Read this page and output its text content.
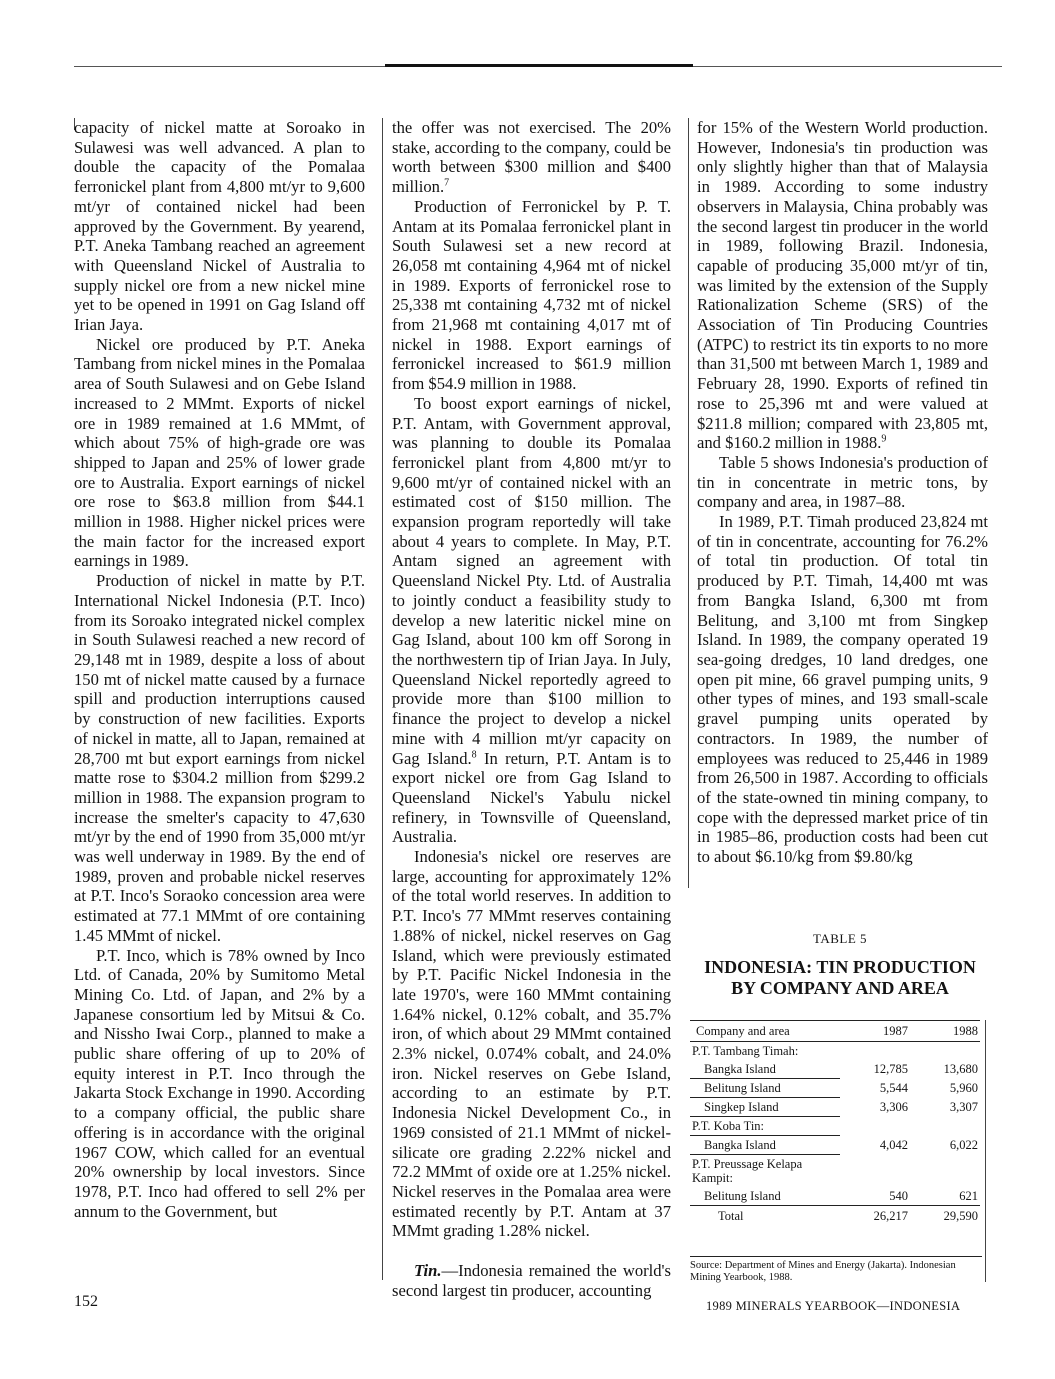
capacity of nickel matte at Soroako in Sulawesi was well advanced. A plan to double the capacity of the Pomalaa ferronickel plant from 4,800 mt/yr to 9,600 mt/yr of contained nickel had been approved by the Government. By yearend, P.T. Aneka Tambang reached an agreement with Queensland Nickel of Australia to supply nickel ore from a new nickel mine yet to be opened in 1991 on Gag Island off Irian Jaya.

Nickel ore produced by P.T. Aneka Tambang from nickel mines in the Pomalaa area of South Sulawesi and on Gebe Island increased to 2 MMmt. Exports of nickel ore in 1989 remained at 1.6 MMmt, of which about 75% of high-grade ore was shipped to Japan and 25% of lower grade ore to Australia. Export earnings of nickel ore rose to $63.8 million from $44.1 million in 1988. Higher nickel prices were the main factor for the increased export earnings in 1989.

Production of nickel in matte by P.T. International Nickel Indonesia (P.T. Inco) from its Soroako integrated nickel complex in South Sulawesi reached a new record of 29,148 mt in 1989, despite a loss of about 150 mt of nickel matte caused by a furnace spill and production interruptions caused by construction of new facilities. Exports of nickel in matte, all to Japan, remained at 28,700 mt but export earnings from nickel matte rose to $304.2 million from $299.2 million in 1988. The expansion program to increase the smelter's capacity to 47,630 mt/yr by the end of 1990 from 35,000 mt/yr was well underway in 1989. By the end of 1989, proven and probable nickel reserves at P.T. Inco's Soraoko concession area were estimated at 77.1 MMmt of ore containing 1.45 MMmt of nickel.

P.T. Inco, which is 78% owned by Inco Ltd. of Canada, 20% by Sumitomo Metal Mining Co. Ltd. of Japan, and 2% by a Japanese consortium led by Mitsui & Co. and Nissho Iwai Corp., planned to make a public share offering of up to 20% of equity interest in P.T. Inco through the Jakarta Stock Exchange in 1990. According to a company official, the public share offering is in accordance with the original 1967 COW, which called for an eventual 20% ownership by local investors. Since 1978, P.T. Inco had offered to sell 2% per annum to the Government, but

the offer was not exercised. The 20% stake, according to the company, could be worth between $300 million and $400 million.$^7$

Production of Ferronickel by P. T. Antam at its Pomalaa ferronickel plant in South Sulawesi set a new record at 26,058 mt containing 4,964 mt of nickel in 1989. Exports of ferronickel rose to 25,338 mt containing 4,732 mt of nickel from 21,968 mt containing 4,017 mt of nickel in 1988. Export earnings of ferronickel increased to $61.9 million from $54.9 million in 1988.

To boost export earnings of nickel, P.T. Antam, with Government approval, was planning to double its Pomalaa ferronickel plant from 4,800 mt/yr to 9,600 mt/yr of contained nickel with an estimated cost of $150 million. The expansion program reportedly will take about 4 years to complete. In May, P.T. Antam signed an agreement with Queensland Nickel Pty. Ltd. of Australia to jointly conduct a feasibility study to develop a new lateritic nickel mine on Gag Island, about 100 km off Sorong in the northwestern tip of Irian Jaya. In July, Queensland Nickel reportedly agreed to provide more than $100 million to finance the project to develop a nickel mine with 4 million mt/yr capacity on Gag Island.$^8$ In return, P.T. Antam is to export nickel ore from Gag Island to Queensland Nickel's Yabulu nickel refinery, in Townsville of Queensland, Australia.

Indonesia's nickel ore reserves are large, accounting for approximately 12% of the total world reserves. In addition to P.T. Inco's 77 MMmt reserves containing 1.88% of nickel, nickel reserves on Gag Island, which were previously estimated by P.T. Pacific Nickel Indonesia in the late 1970's, were 160 MMmt containing 1.64% nickel, 0.12% cobalt, and 35.7% iron, of which about 29 MMmt contained 2.3% nickel, 0.074% cobalt, and 24.0% iron. Nickel reserves on Gebe Island, according to an estimate by P.T. Indonesia Nickel Development Co., in 1969 consisted of 21.1 MMmt of nickel-silicate ore grading 2.22% nickel and 72.2 MMmt of oxide ore at 1.25% nickel. Nickel reserves in the Pomalaa area were estimated recently by P.T. Antam at 37 MMmt grading 1.28% nickel.

Tin.—Indonesia remained the world's second largest tin producer, accounting

for 15% of the Western World production. However, Indonesia's tin production was only slightly higher than that of Malaysia in 1989. According to some industry observers in Malaysia, China probably was the second largest tin producer in the world in 1989, following Brazil. Indonesia, capable of producing 35,000 mt/yr of tin, was limited by the extension of the Supply Rationalization Scheme (SRS) of the Association of Tin Producing Countries (ATPC) to restrict its tin exports to no more than 31,500 mt between March 1, 1989 and February 28, 1990. Exports of refined tin rose to 25,396 mt and were valued at $211.8 million; compared with 23,805 mt, and $160.2 million in 1988.$^9$

Table 5 shows Indonesia's production of tin in concentrate in metric tons, by company and area, in 1987–88.

In 1989, P.T. Timah produced 23,824 mt of tin in concentrate, accounting for 76.2% of total tin production. Of total tin produced by P.T. Timah, 14,400 mt was from Bangka Island, 6,300 mt from Belitung, and 3,100 mt from Singkep Island. In 1989, the company operated 19 sea-going dredges, 10 land dredges, one open pit mine, 66 gravel pumping units, 9 other types of mines, and 193 small-scale gravel pumping units operated by contractors. In 1989, the number of employees was reduced to 25,446 in 1989 from 26,500 in 1987. According to officials of the state-owned tin mining company, to cope with the depressed market price of tin in 1985–86, production costs had been cut to about $6.10/kg from $9.80/kg

TABLE 5
INDONESIA: TIN PRODUCTION
BY COMPANY AND AREA
Company and area	1987	1988
P.T. Tambang Timah:		
Bangka Island	12,785	13,680
Belitung Island	5,544	5,960
Singkep Island	3,306	3,307
P.T. Koba Tin:		
Bangka Island	4,042	6,022
P.T. Preussage Kelapa Kampit:		
Belitung Island	540	621
Total	26,217	29,590
Source: Department of Mines and Energy (Jakarta). Indonesian Mining Yearbook, 1988.
152	1989 MINERALS YEARBOOK—INDONESIA
